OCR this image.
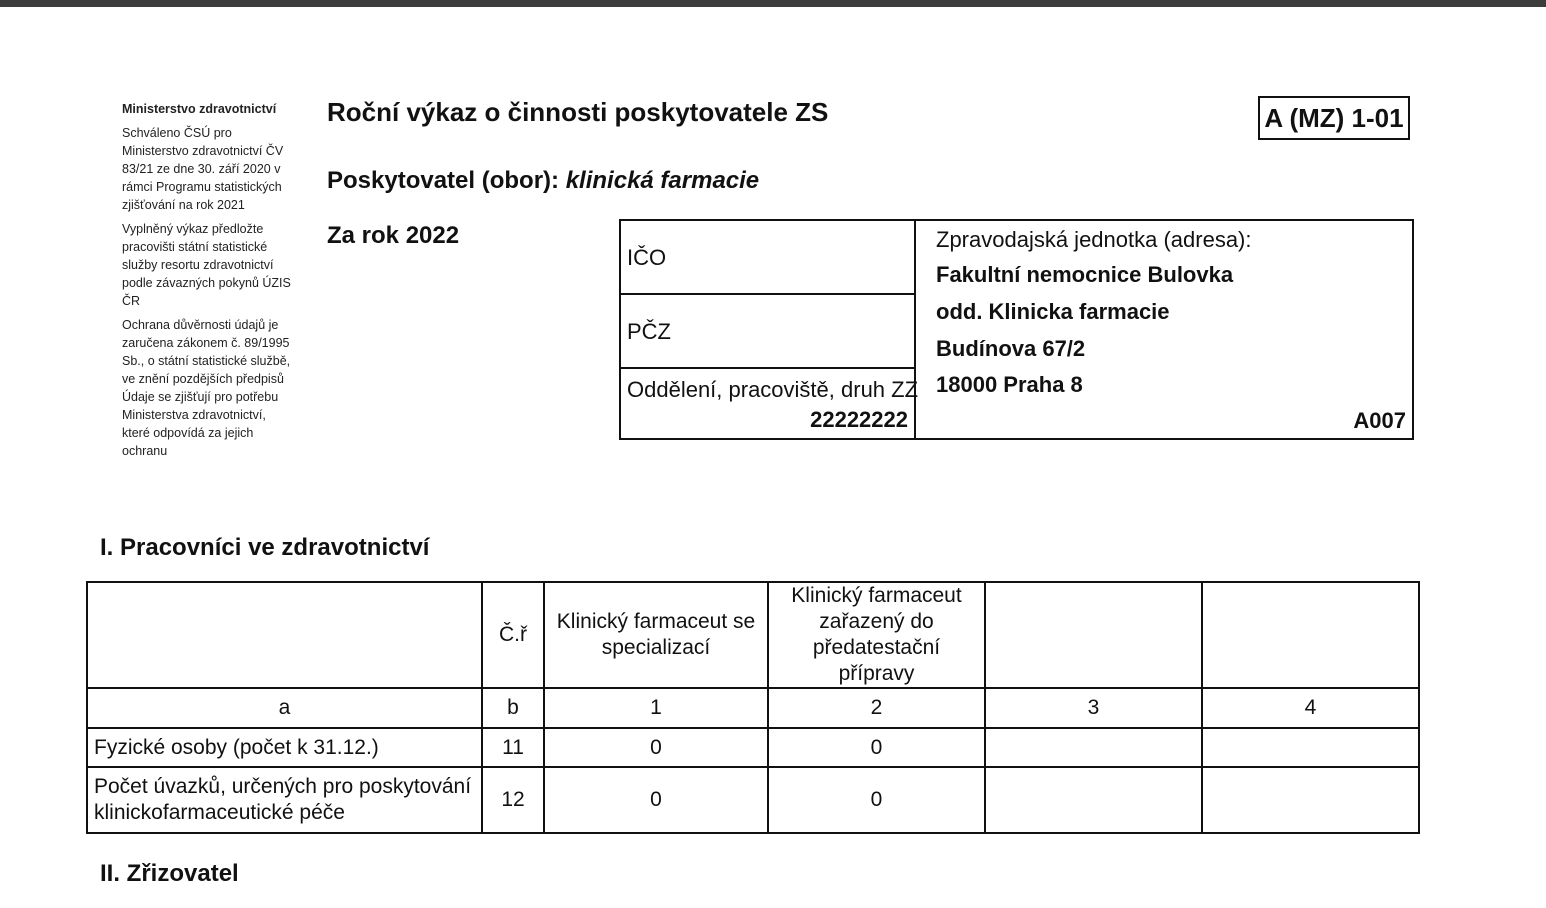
Ministerstvo zdravotnictví

Schváleno ČSÚ pro Ministerstvo zdravotnictví ČV 83/21 ze dne 30. září 2020 v rámci Programu statistických zjišťování na rok 2021

Vyplněný výkaz předložte pracovišti státní statistické služby resortu zdravotnictví podle závazných pokynů ÚZIS ČR

Ochrana důvěrnosti údajů je zaručena zákonem č. 89/1995 Sb., o státní statistické službě, ve znění pozdějších předpisů Údaje se zjišťují pro potřebu Ministerstva zdravotnictví, které odpovídá za jejich ochranu

Roční výkaz o činnosti poskytovatele ZS	A (MZ) 1-01
Poskytovatel (obor): klinická farmacie
Za rok 2022
IČO
PČZ
Oddělení, pracoviště, druh ZZ
22222222
Zpravodajská jednotka (adresa):
Fakultní nemocnice Bulovka
odd. Klinicka farmacie
Budínova 67/2
18000 Praha 8
A007
I. Pracovníci ve zdravotnictví
	Č.ř	Klinický farmaceut se specializací	Klinický farmaceut zařazený do předatestační přípravy		
a	b	1	2	3	4
Fyzické osoby (počet k 31.12.)	11	0	0		
Počet úvazků, určených pro poskytování klinickofarmaceutické péče	12	0	0		
II. Zřizovatel
